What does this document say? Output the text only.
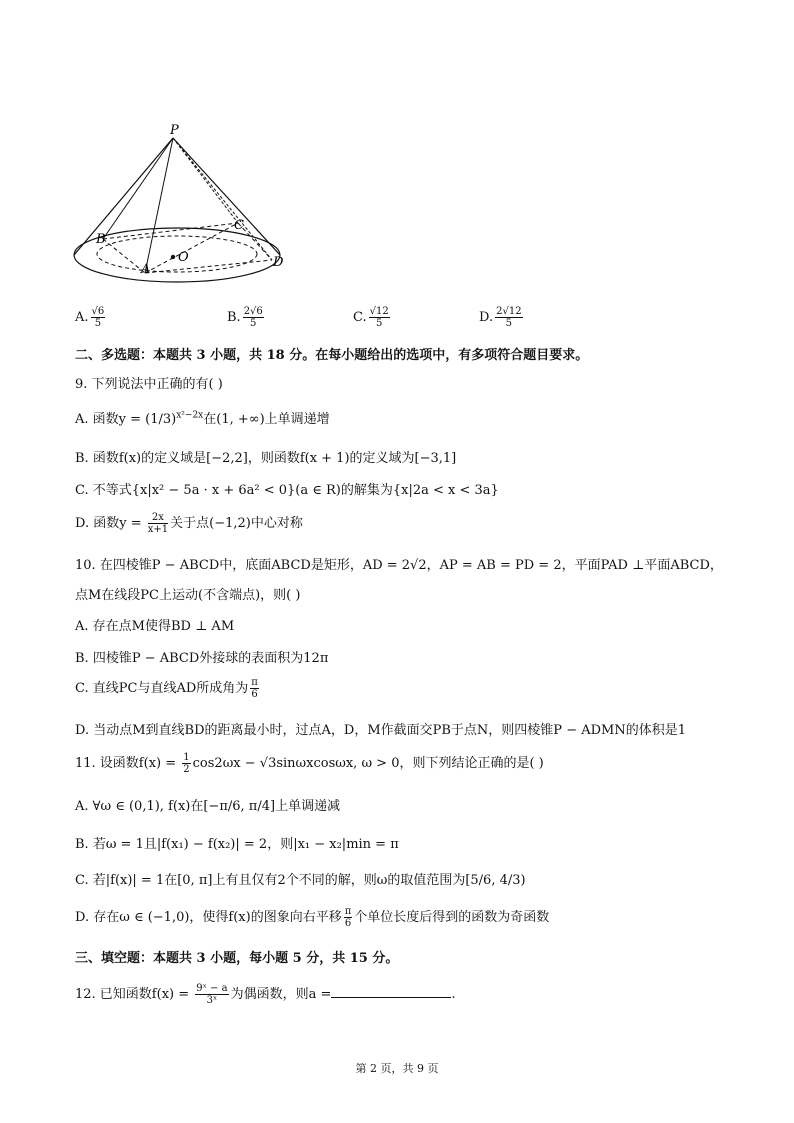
P
B
C
A	D
O
A. $\frac{√6}{5}$	B. $\frac{2√6}{5}$	C. $\frac{√12}{5}$	D. $\frac{2√12}{5}$
二、多选题：本题共 3 小题，共 18 分。在每小题给出的选项中，有多项符合题目要求。
9. 下列说法中正确的有( )
A. 函数$y = (1/3)^{x^2-2x}$在(1, +∞)上单调递增
B. 函数f(x)的定义域是[−2,2]，则函数f(x + 1)的定义域为[−3,1]
C. 不等式{x|x² − 5a · x + 6a² < 0}(a ∈ R)的解集为{x|2a < x < 3a}
D. 函数$y = \frac{2x}{x+1}$ 关于点(−1,2)中心对称
10. 在四棱锥P − ABCD中，底面ABCD是矩形，AD = 2√2，AP = AB = PD = 2，平面PAD ⊥平面ABCD，
点M在线段PC上运动(不含端点)，则( )
A. 存在点M使得BD ⊥ AM
B. 四棱锥P − ABCD外接球的表面积为12π
C. 直线PC与直线AD所成角为 $\frac{\pi}{6}$
D. 当动点M到直线BD的距离最小时，过点A，D，M作截面交PB于点N，则四棱锥P − ADMN的体积是1
11. 设函数$f(x) = \frac{1}{2} \cos 2\omega x - √3\sin\omega xcos\omega x$, ω > 0，则下列结论正确的是( )
A. ∀ω ∈ (0,1), f(x)在[−π/6, π/4]上单调递减
B. 若ω = 1且|f(x₁) − f(x₂)| = 2，则|x₁ − x₂|min = π
C. 若|f(x)| = 1在[0, π]上有且仅有2个不同的解，则ω的取值范围为[5/6, 4/3)
D. 存在ω ∈ (−1,0)，使得f(x)的图象向右平移 $\frac{\pi}{6}$ 个单位长度后得到的函数为奇函数
三、填空题：本题共 3 小题，每小题 5 分，共 15 分。
12. 已知函数$f(x) = \frac{\text{9ˣ − a}}{\text{3ˣ}}$ 为偶函数，则a =	.
第 2 页，共 9 页
